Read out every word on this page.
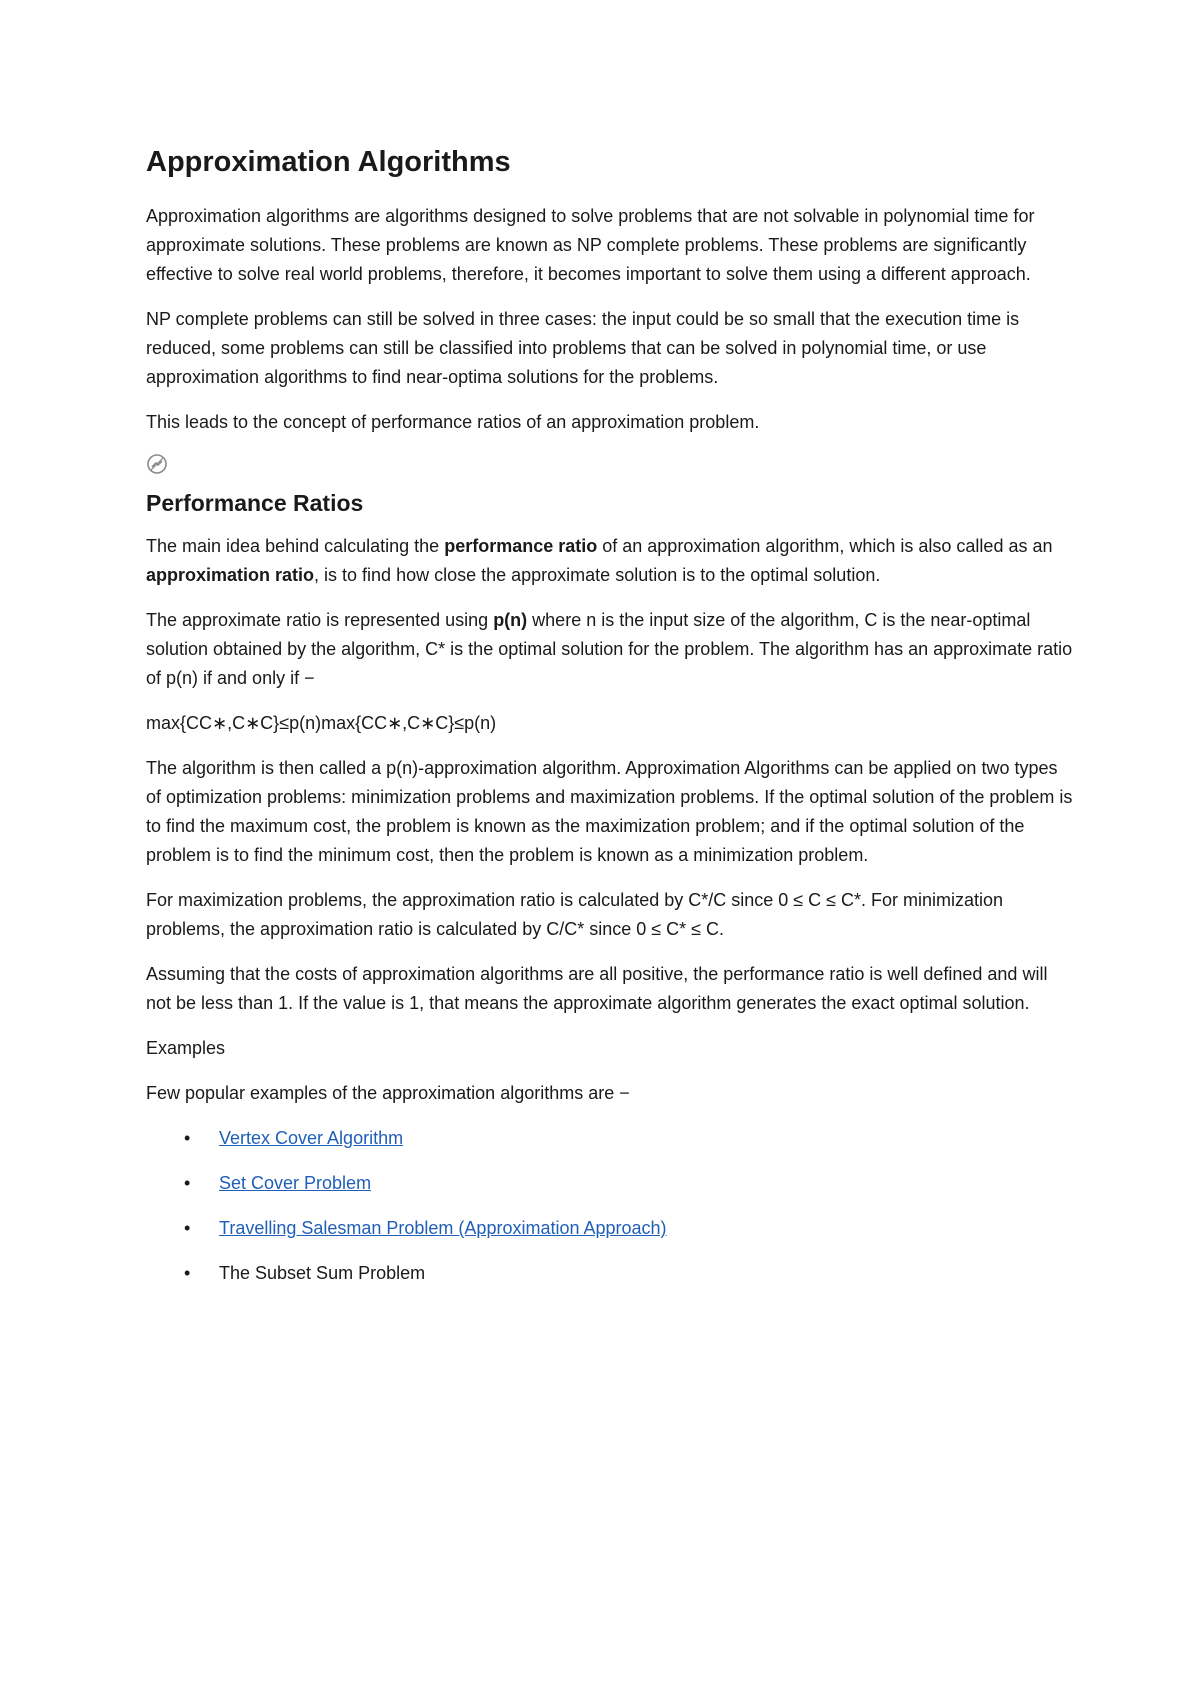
Approximation Algorithms

Approximation algorithms are algorithms designed to solve problems that are not solvable in polynomial time for approximate solutions. These problems are known as NP complete problems. These problems are significantly effective to solve real world problems, therefore, it becomes important to solve them using a different approach.

NP complete problems can still be solved in three cases: the input could be so small that the execution time is reduced, some problems can still be classified into problems that can be solved in polynomial time, or use approximation algorithms to find near-optima solutions for the problems.

This leads to the concept of performance ratios of an approximation problem.

Performance Ratios

The main idea behind calculating the performance ratio of an approximation algorithm, which is also called as an approximation ratio, is to find how close the approximate solution is to the optimal solution.

The approximate ratio is represented using p(n) where n is the input size of the algorithm, C is the near-optimal solution obtained by the algorithm, C* is the optimal solution for the problem. The algorithm has an approximate ratio of p(n) if and only if −

max{CC∗,C∗C}≤p(n)max{CC∗,C∗C}≤p(n)

The algorithm is then called a p(n)-approximation algorithm. Approximation Algorithms can be applied on two types of optimization problems: minimization problems and maximization problems. If the optimal solution of the problem is to find the maximum cost, the problem is known as the maximization problem; and if the optimal solution of the problem is to find the minimum cost, then the problem is known as a minimization problem.

For maximization problems, the approximation ratio is calculated by C*/C since 0 ≤ C ≤ C*. For minimization problems, the approximation ratio is calculated by C/C* since 0 ≤ C* ≤ C.

Assuming that the costs of approximation algorithms are all positive, the performance ratio is well defined and will not be less than 1. If the value is 1, that means the approximate algorithm generates the exact optimal solution.

Examples

Few popular examples of the approximation algorithms are −

• Vertex Cover Algorithm
• Set Cover Problem
• Travelling Salesman Problem (Approximation Approach)
• The Subset Sum Problem
